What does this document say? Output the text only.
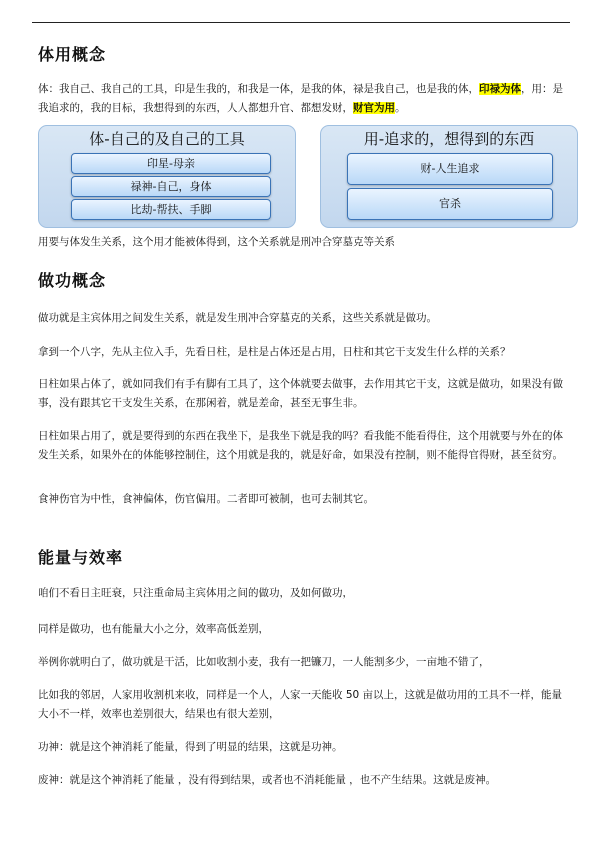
体用概念
体：我自己、我自己的工具，印是生我的，和我是一体，是我的体，禄是我自己，也是我的体，印禄为体，用：是我追求的，我的目标，我想得到的东西，人人都想升官、都想发财，财官为用。
体-自己的及自己的工具
印星-母亲
禄神-自己，身体
比劫-帮扶、手脚
用-追求的，想得到的东西
财-人生追求
官杀
用要与体发生关系，这个用才能被体得到，这个关系就是刑冲合穿墓克等关系
做功概念
做功就是主宾体用之间发生关系，就是发生刑冲合穿墓克的关系，这些关系就是做功。
拿到一个八字，先从主位入手，先看日柱，是柱是占体还是占用，日柱和其它干支发生什么样的关系？
日柱如果占体了，就如同我们有手有脚有工具了，这个体就要去做事，去作用其它干支，这就是做功，如果没有做事，没有跟其它干支发生关系，在那闲着，就是差命，甚至无事生非。
日柱如果占用了，就是要得到的东西在我坐下，是我坐下就是我的吗？看我能不能看得住，这个用就要与外在的体发生关系，如果外在的体能够控制住，这个用就是我的，就是好命，如果没有控制，则不能得官得财，甚至贫穷。
食神伤官为中性，食神偏体，伤官偏用。二者即可被制，也可去制其它。
能量与效率
咱们不看日主旺衰，只注重命局主宾体用之间的做功，及如何做功，
同样是做功，也有能量大小之分，效率高低差别，
举例你就明白了，做功就是干活，比如收割小麦，我有一把镰刀，一人能割多少，一亩地不错了，
比如我的邻居，人家用收割机来收，同样是一个人，人家一天能收 50 亩以上，这就是做功用的工具不一样，能量大小不一样，效率也差别很大，结果也有很大差别，
功神：就是这个神消耗了能量，得到了明显的结果，这就是功神。
废神：就是这个神消耗了能量 ，没有得到结果，或者也不消耗能量 ，也不产生结果。这就是废神。
